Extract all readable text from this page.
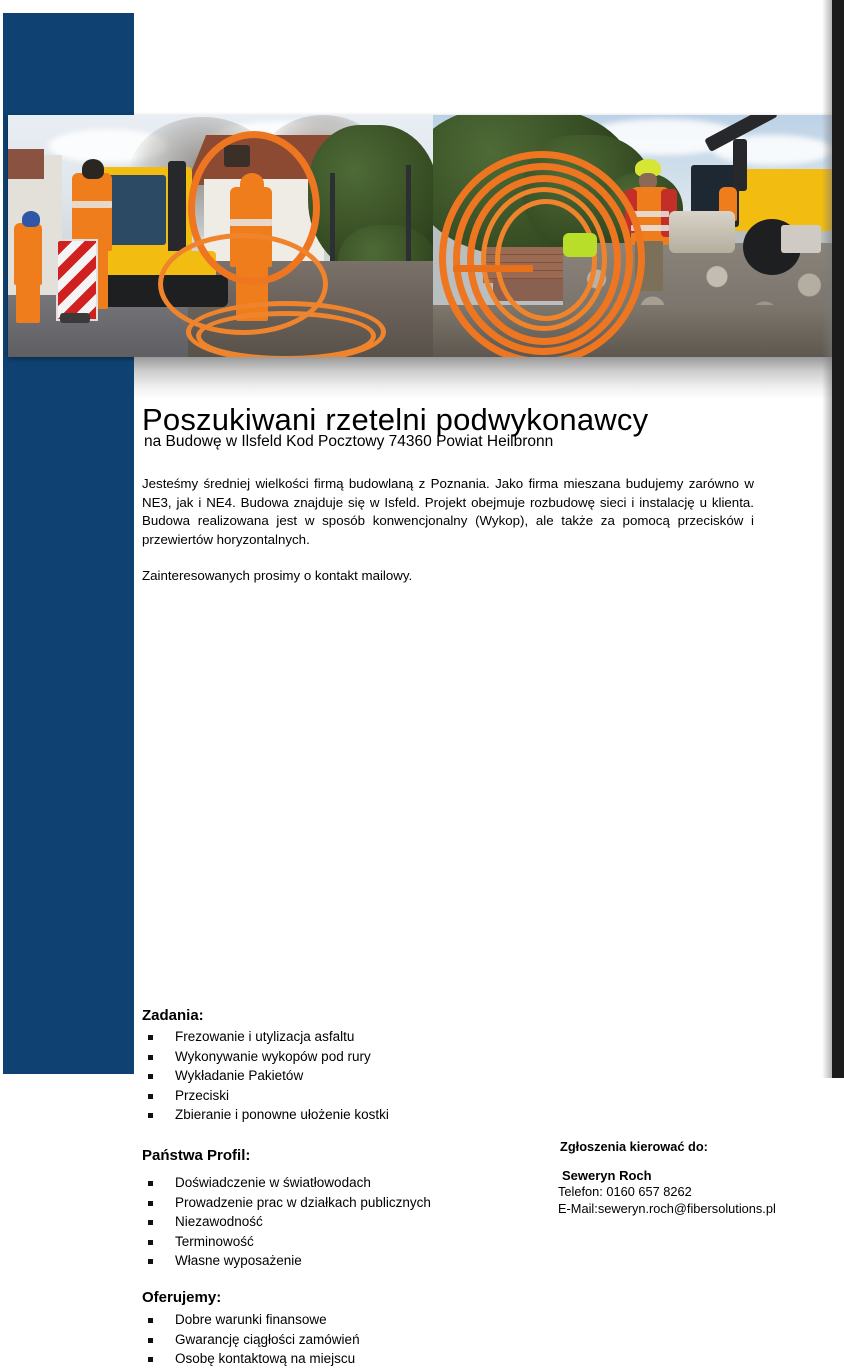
Poszukiwani rzetelni podwykonawcy
na Budowę w Ilsfeld Kod Pocztowy 74360 Powiat Heilbronn
Jesteśmy średniej wielkości firmą budowlaną z Poznania. Jako firma mieszana budujemy zarówno w NE3, jak i NE4. Budowa znajduje się w Isfeld. Projekt obejmuje rozbudowę sieci i instalację u klienta. Budowa realizowana jest w sposób konwencjonalny (Wykop), ale także za pomocą przecisków i przewiertów horyzontalnych.
Zainteresowanych prosimy o kontakt mailowy.
Zadania:
Frezowanie i utylizacja asfaltu
Wykonywanie wykopów pod rury
Wykładanie Pakietów
Przeciski
Zbieranie i ponowne ułożenie kostki
Państwa Profil:
Doświadczenie w światłowodach
Prowadzenie prac w działkach publicznych
Niezawodność
Terminowość
Własne wyposażenie
Oferujemy:
Dobre warunki finansowe
Gwarancję ciągłości zamówień
Osobę kontaktową na miejscu
Zgłoszenia kierować do:
Seweryn Roch
Telefon: 0160 657 8262
E-Mail:seweryn.roch@fibersolutions.pl
